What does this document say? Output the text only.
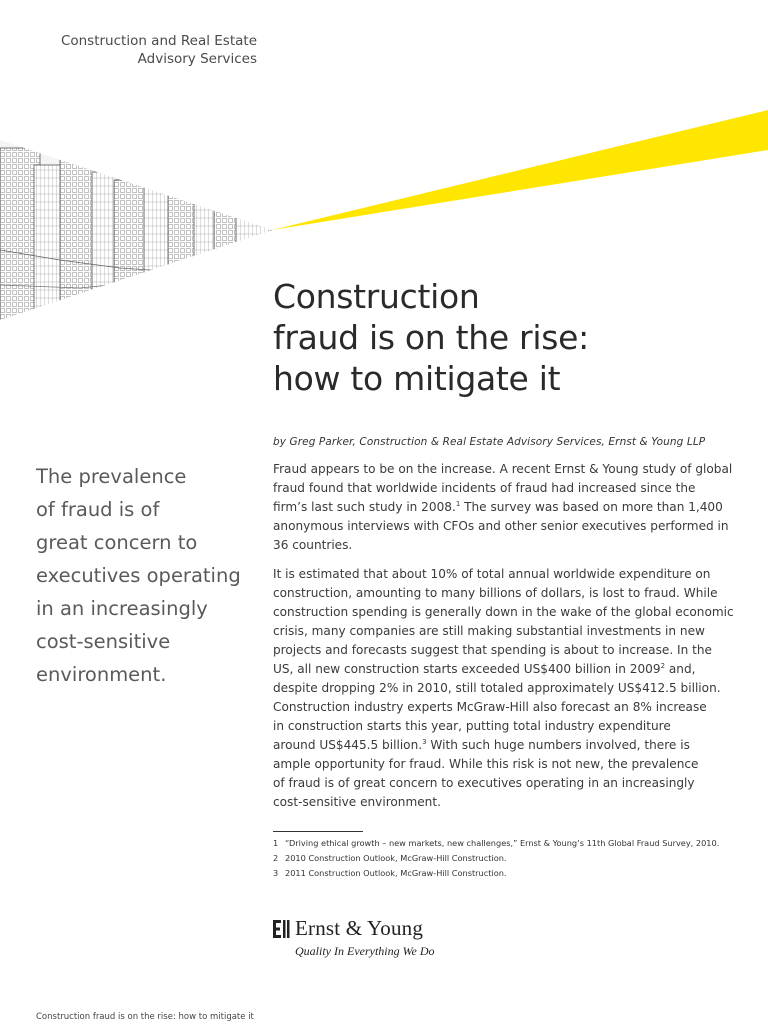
Construction and Real Estate
Advisory Services
Construction
fraud is on the rise:
how to mitigate it
by Greg Parker, Construction & Real Estate Advisory Services, Ernst & Young LLP
The prevalence
of fraud is of
great concern to
executives operating
in an increasingly
cost-sensitive
environment.
Fraud appears to be on the increase. A recent Ernst & Young study of global
fraud found that worldwide incidents of fraud had increased since the
firm’s last such study in 2008.$^1$ The survey was based on more than 1,400
anonymous interviews with CFOs and other senior executives performed in
36 countries.
It is estimated that about 10% of total annual worldwide expenditure on
construction, amounting to many billions of dollars, is lost to fraud. While
construction spending is generally down in the wake of the global economic
crisis, many companies are still making substantial investments in new
projects and forecasts suggest that spending is about to increase. In the
US, all new construction starts exceeded US$400 billion in 2009$^2$ and,
despite dropping 2% in 2010, still totaled approximately US$412.5 billion.
Construction industry experts McGraw-Hill also forecast an 8% increase
in construction starts this year, putting total industry expenditure
around US$445.5 billion.$^3$ With such huge numbers involved, there is
ample opportunity for fraud. While this risk is not new, the prevalence
of fraud is of great concern to executives operating in an increasingly
cost-sensitive environment.
1 “Driving ethical growth – new markets, new challenges,” Ernst & Young’s 11th Global Fraud Survey, 2010.
2 2010 Construction Outlook, McGraw-Hill Construction.
3 2011 Construction Outlook, McGraw-Hill Construction.
Ernst & Young
Quality In Everything We Do
Construction fraud is on the rise: how to mitigate it
